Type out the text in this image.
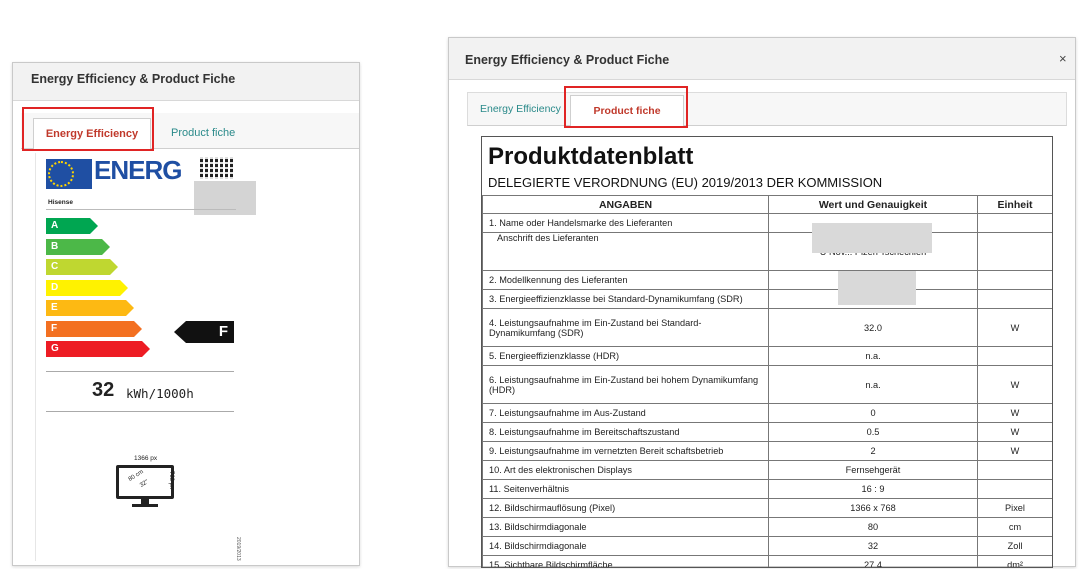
Energy Efficiency & Product Fiche
Energy Efficiency	Product fiche
ENERG
Hisense
A
B
C
D
E
F
G
F
32 kWh/1000h
1366 px
80 cm
32"	768 px
2019/2013
Energy Efficiency & Product Fiche	×
Energy Efficiency	Product fiche
Produktdatenblatt
DELEGIERTE VERORDNUNG (EU) 2019/2013 DER KOMMISSION
ANGABEN	Wert und Genauigkeit	Einheit
1. Name oder Handelsmarke des Lieferanten		
Anschrift des Lieferanten		
2. Modellkennung des Lieferanten		
3. Energieeffizienzklasse bei Standard-Dynamikumfang (SDR)		
4. Leistungsaufnahme im Ein-Zustand bei Standard-Dynamikumfang (SDR)	32.0	W
5. Energieeffizienzklasse (HDR)	n.a.	
6. Leistungsaufnahme im Ein-Zustand bei hohem Dynamikumfang (HDR)	n.a.	W
7. Leistungsaufnahme im Aus-Zustand	0	W
8. Leistungsaufnahme im Bereitschaftszustand	0.5	W
9. Leistungsaufnahme im vernetzten Bereit schaftsbetrieb	2	W
10. Art des elektronischen Displays	Fernsehgerät	
11. Seitenverhältnis	16 : 9	
12. Bildschirmauflösung (Pixel)	1366 x 768	Pixel
13. Bildschirmdiagonale	80	cm
14. Bildschirmdiagonale	32	Zoll
15. Sichtbare Bildschirmfläche	27.4	dm²
